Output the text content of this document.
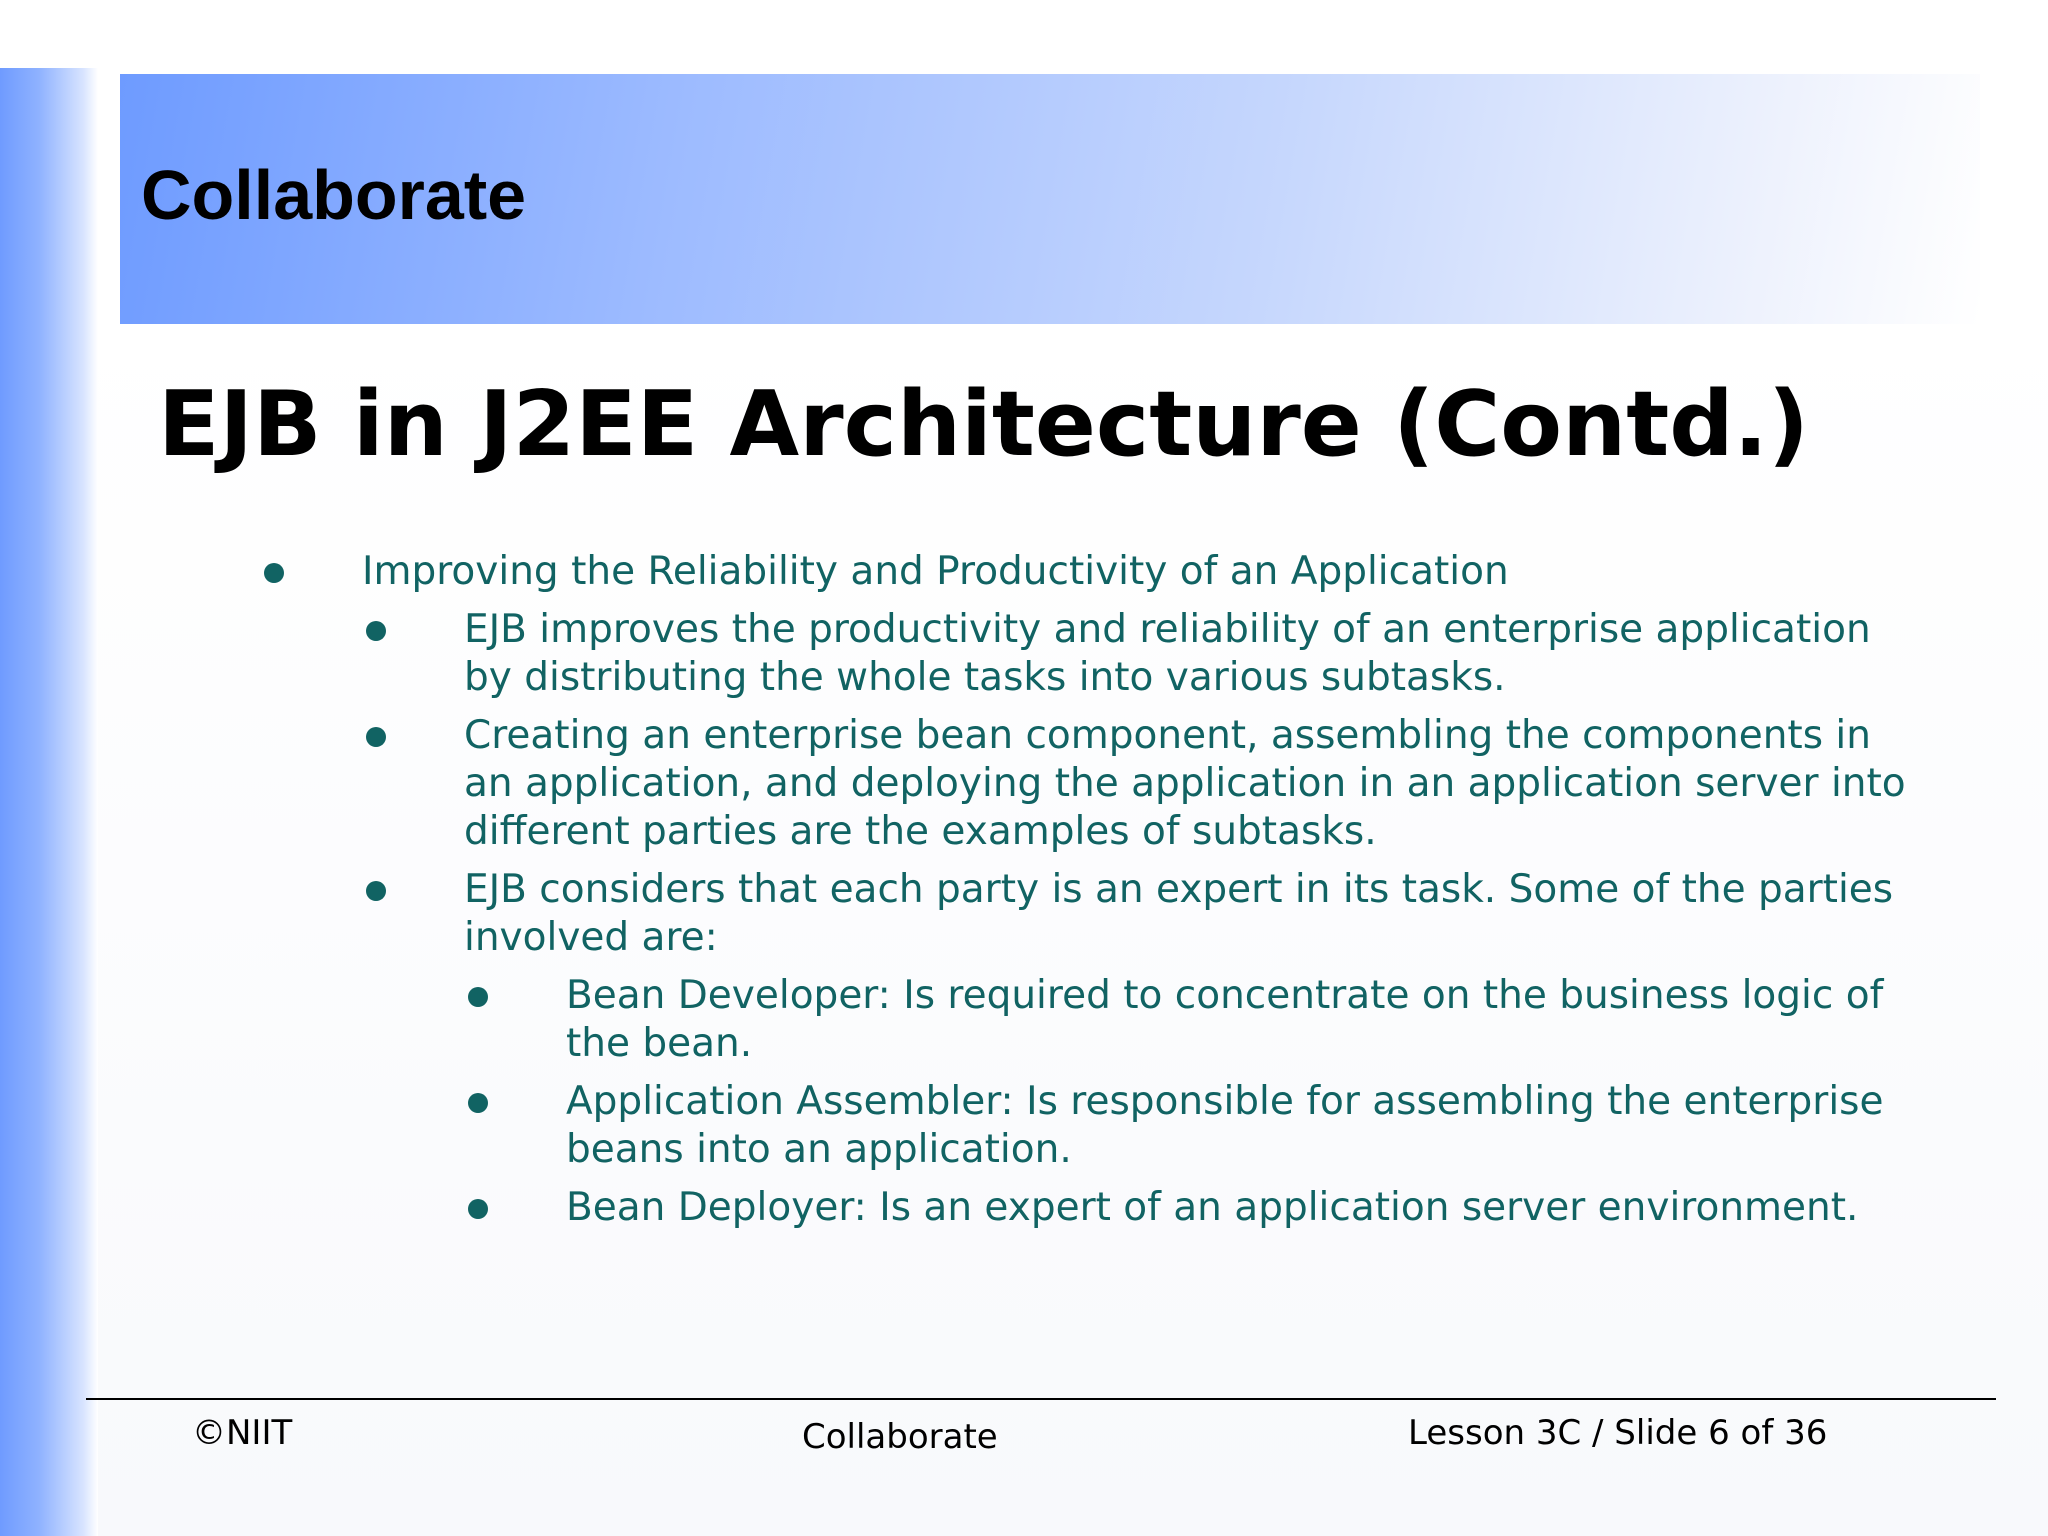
Collaborate
EJB in J2EE Architecture (Contd.)
Improving the Reliability and Productivity of an Application
EJB improves the productivity and reliability of an enterprise application by distributing the whole tasks into various subtasks.
Creating an enterprise bean component, assembling the components in an application, and deploying the application in an application server into different parties are the examples of subtasks.
EJB considers that each party is an expert in its task. Some of the parties involved are:
Bean Developer: Is required to concentrate on the business logic of the bean.
Application Assembler: Is responsible for assembling the enterprise beans into an application.
Bean Deployer: Is an expert of an application server environment.
©NIIT	Collaborate	Lesson 3C / Slide 6 of 36
